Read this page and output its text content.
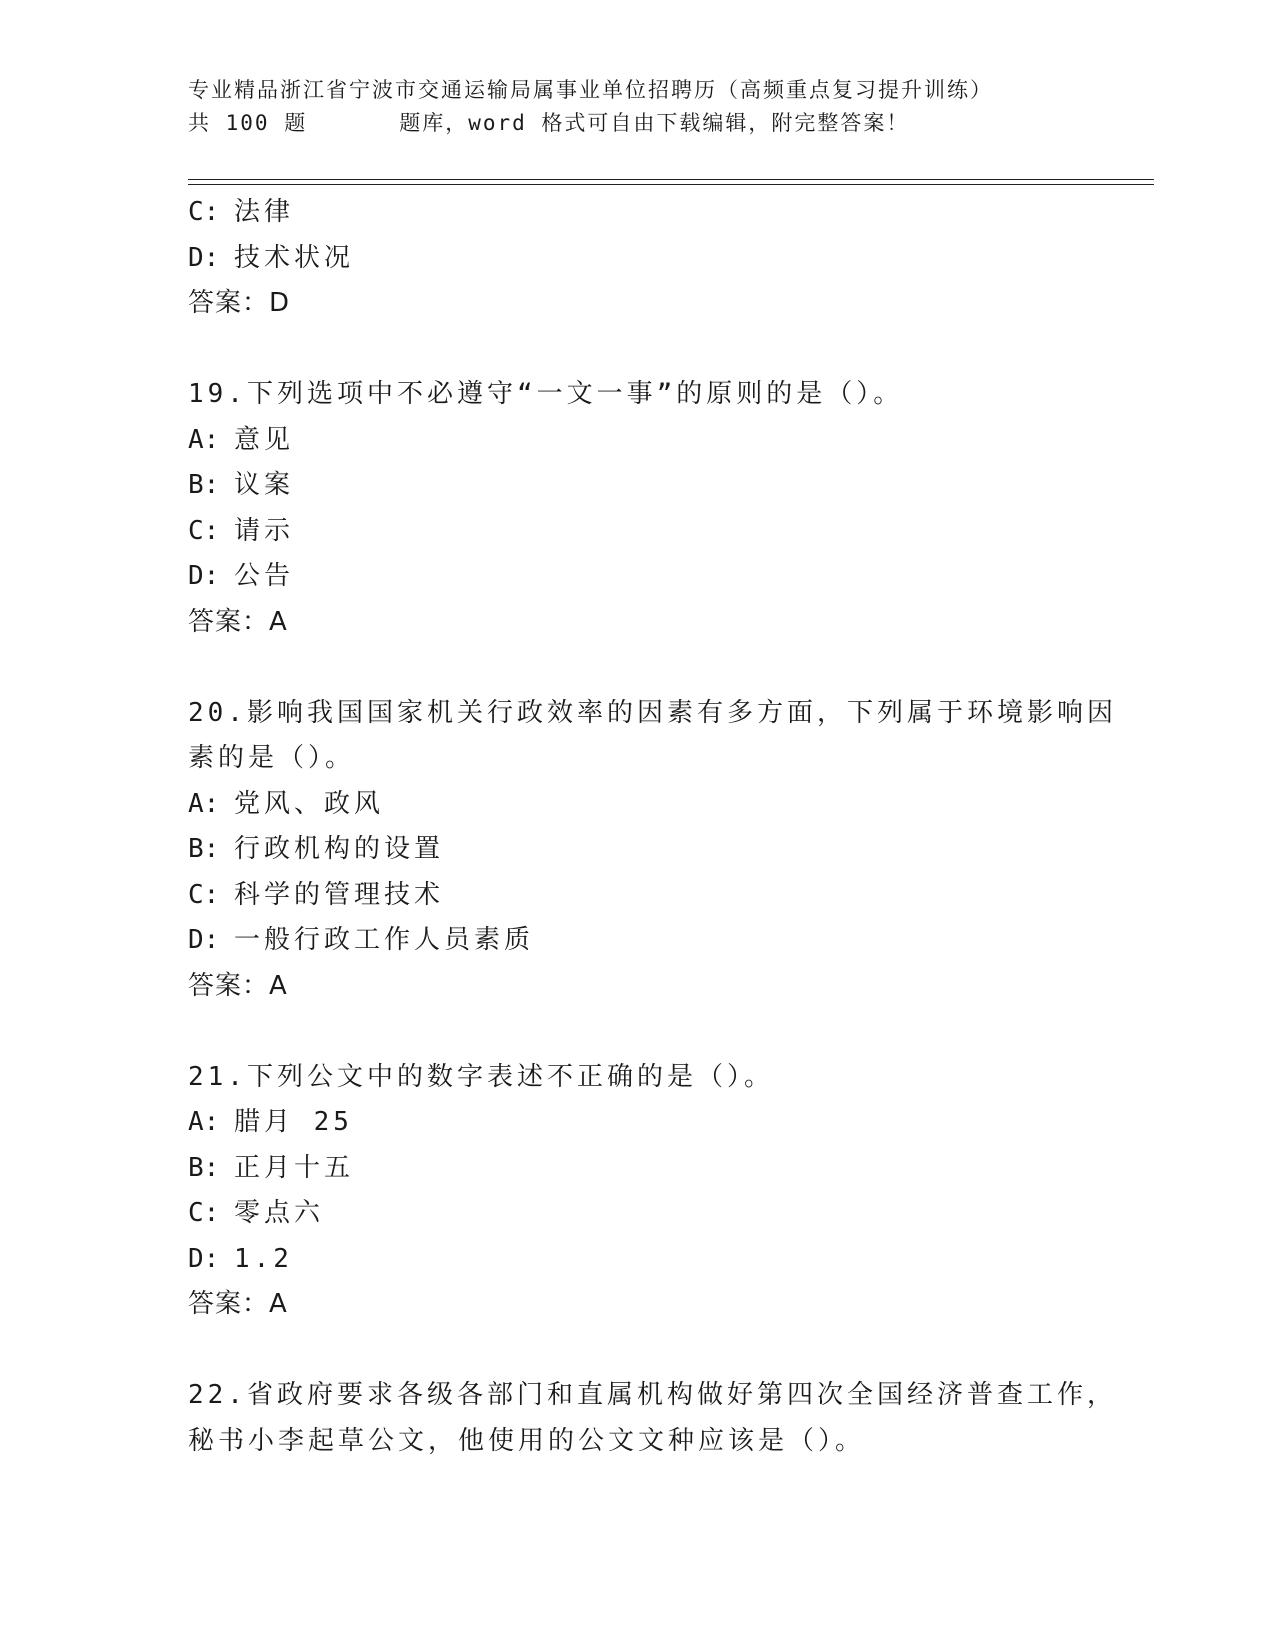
专业精品浙江省宁波市交通运输局属事业单位招聘历（高频重点复习提升训练）
共 100 题	题库，word 格式可自由下载编辑，附完整答案！
C: 法律
D: 技术状况
答案：D
19.下列选项中不必遵守“一文一事”的原则的是（）。
A: 意见
B: 议案
C: 请示
D: 公告
答案：A
20.影响我国国家机关行政效率的因素有多方面，下列属于环境影响因
素的是（）。
A: 党风、政风
B: 行政机构的设置
C: 科学的管理技术
D: 一般行政工作人员素质
答案：A
21.下列公文中的数字表述不正确的是（）。
A: 腊月 25
B: 正月十五
C: 零点六
D: 1.2
答案：A
22.省政府要求各级各部门和直属机构做好第四次全国经济普查工作，
秘书小李起草公文，他使用的公文文种应该是（）。
